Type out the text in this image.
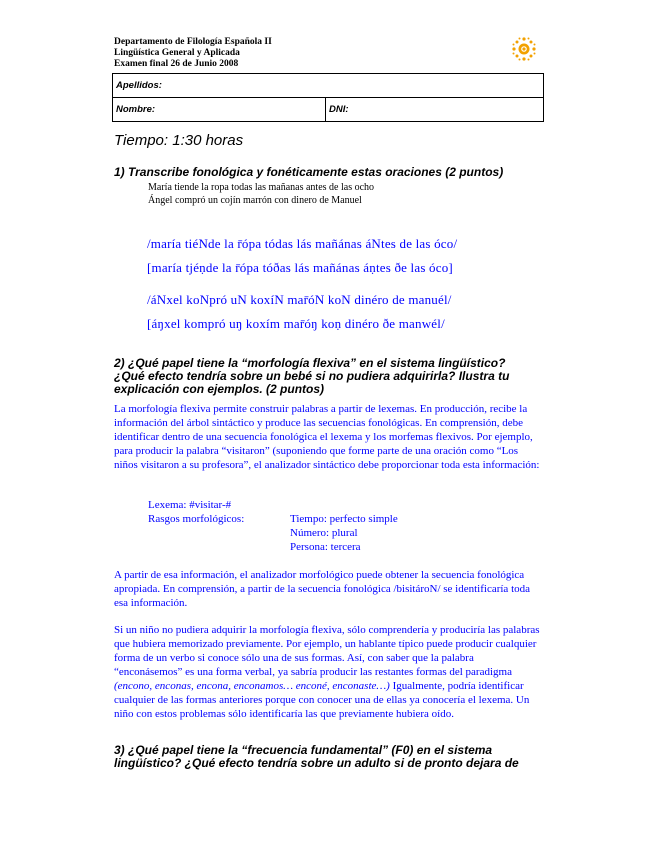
Departamento de Filología Española II
Lingüística General y Aplicada
Examen final 26 de Junio 2008
Apellidos:
Nombre:	DNI:
Tiempo: 1:30 horas
1) Transcribe fonológica y fonéticamente estas oraciones (2 puntos)
María tiende la ropa todas las mañanas antes de las ocho
Ángel compró un cojín marrón con dinero de Manuel
/maría tiéNde la r̄ópa tódas lás mañánas áNtes de las óco/
[maría tjéṇde la r̄ópa tóðas lás mañánas áṇtes ðe las óco]
/áNxel koNpró uN koxíN mar̄óN koN dinéro de manuél/
[áŋxel kompró uŋ koxím mar̄óŋ koṇ dinéro ðe manwél/
2) ¿Qué papel tiene la “morfología flexiva” en el sistema lingüístico? ¿Qué efecto tendría sobre un bebé si no pudiera adquirirla? Ilustra tu explicación con ejemplos. (2 puntos)
La morfología flexiva permite construir palabras a partir de lexemas. En producción, recibe la información del árbol sintáctico y produce las secuencias fonológicas. En comprensión, debe identificar dentro de una secuencia fonológica el lexema y los morfemas flexivos. Por ejemplo, para producir la palabra “visitaron” (suponiendo que forme parte de una oración como “Los niños visitaron a su profesora”, el analizador sintáctico debe proporcionar toda esta información:
Lexema: #visitar-#
Rasgos morfológicos:	Tiempo: perfecto simple
Número: plural
Persona: tercera
A partir de esa información, el analizador morfológico puede obtener la secuencia fonológica apropiada. En comprensión, a partir de la secuencia fonológica /bisitároN/ se identificaría toda esa información.
Si un niño no pudiera adquirir la morfología flexiva, sólo comprendería y produciría las palabras que hubiera memorizado previamente. Por ejemplo, un hablante típico puede producir cualquier forma de un verbo si conoce sólo una de sus formas. Así, con saber que la palabra “enconásemos” es una forma verbal, ya sabría producir las restantes formas del paradigma (encono, enconas, encona, enconamos… enconé, enconaste…) Igualmente, podría identificar cualquier de las formas anteriores porque con conocer una de ellas ya conocería el lexema. Un niño con estos problemas sólo identificaría las que previamente hubiera oído.
3) ¿Qué papel tiene la “frecuencia fundamental” (F0) en el sistema lingüístico? ¿Qué efecto tendría sobre un adulto si de pronto dejara de
